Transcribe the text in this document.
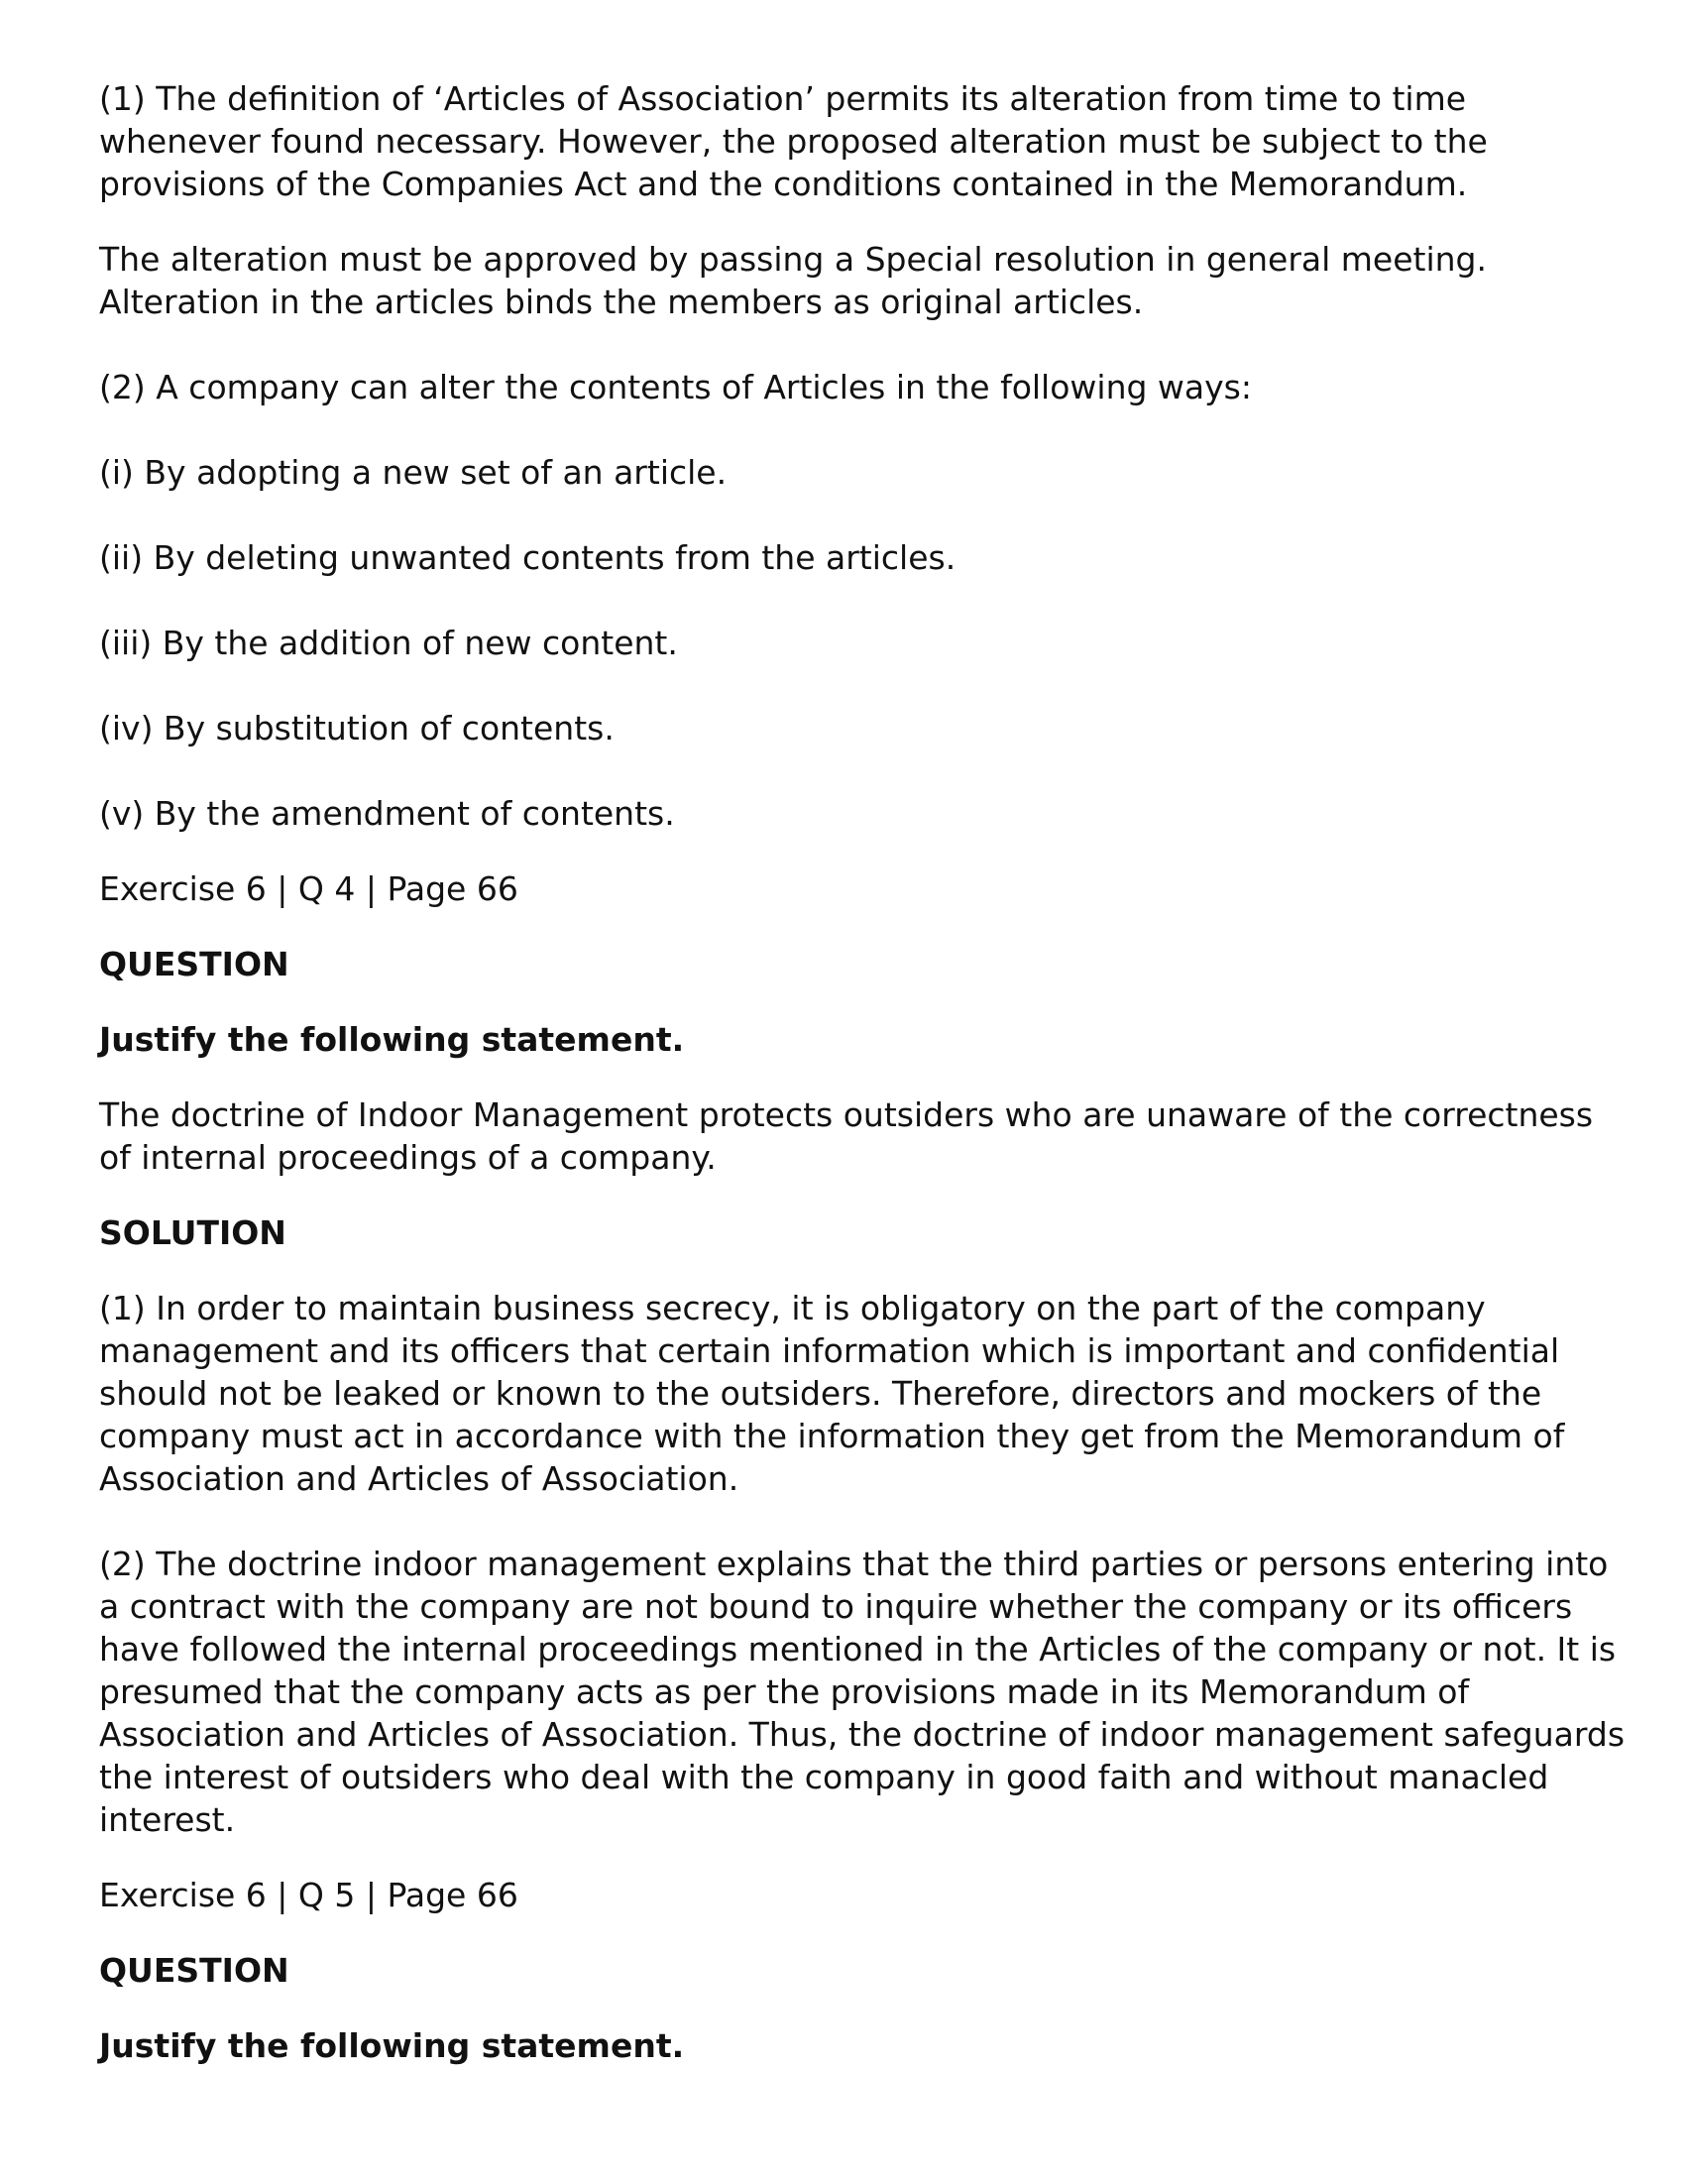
(1) The definition of ‘Articles of Association’ permits its alteration from time to time whenever found necessary. However, the proposed alteration must be subject to the provisions of the Companies Act and the conditions contained in the Memorandum.

The alteration must be approved by passing a Special resolution in general meeting. Alteration in the articles binds the members as original articles.

(2) A company can alter the contents of Articles in the following ways:

(i) By adopting a new set of an article.

(ii) By deleting unwanted contents from the articles.

(iii) By the addition of new content.

(iv) By substitution of contents.

(v) By the amendment of contents.

Exercise 6 | Q 4 | Page 66

QUESTION

Justify the following statement.

The doctrine of Indoor Management protects outsiders who are unaware of the correctness of internal proceedings of a company.

SOLUTION

(1) In order to maintain business secrecy, it is obligatory on the part of the company management and its officers that certain information which is important and confidential should not be leaked or known to the outsiders. Therefore, directors and mockers of the company must act in accordance with the information they get from the Memorandum of Association and Articles of Association.

(2) The doctrine indoor management explains that the third parties or persons entering into a contract with the company are not bound to inquire whether the company or its officers have followed the internal proceedings mentioned in the Articles of the company or not. It is presumed that the company acts as per the provisions made in its Memorandum of Association and Articles of Association. Thus, the doctrine of indoor management safeguards the interest of outsiders who deal with the company in good faith and without manacled interest.

Exercise 6 | Q 5 | Page 66

QUESTION

Justify the following statement.
